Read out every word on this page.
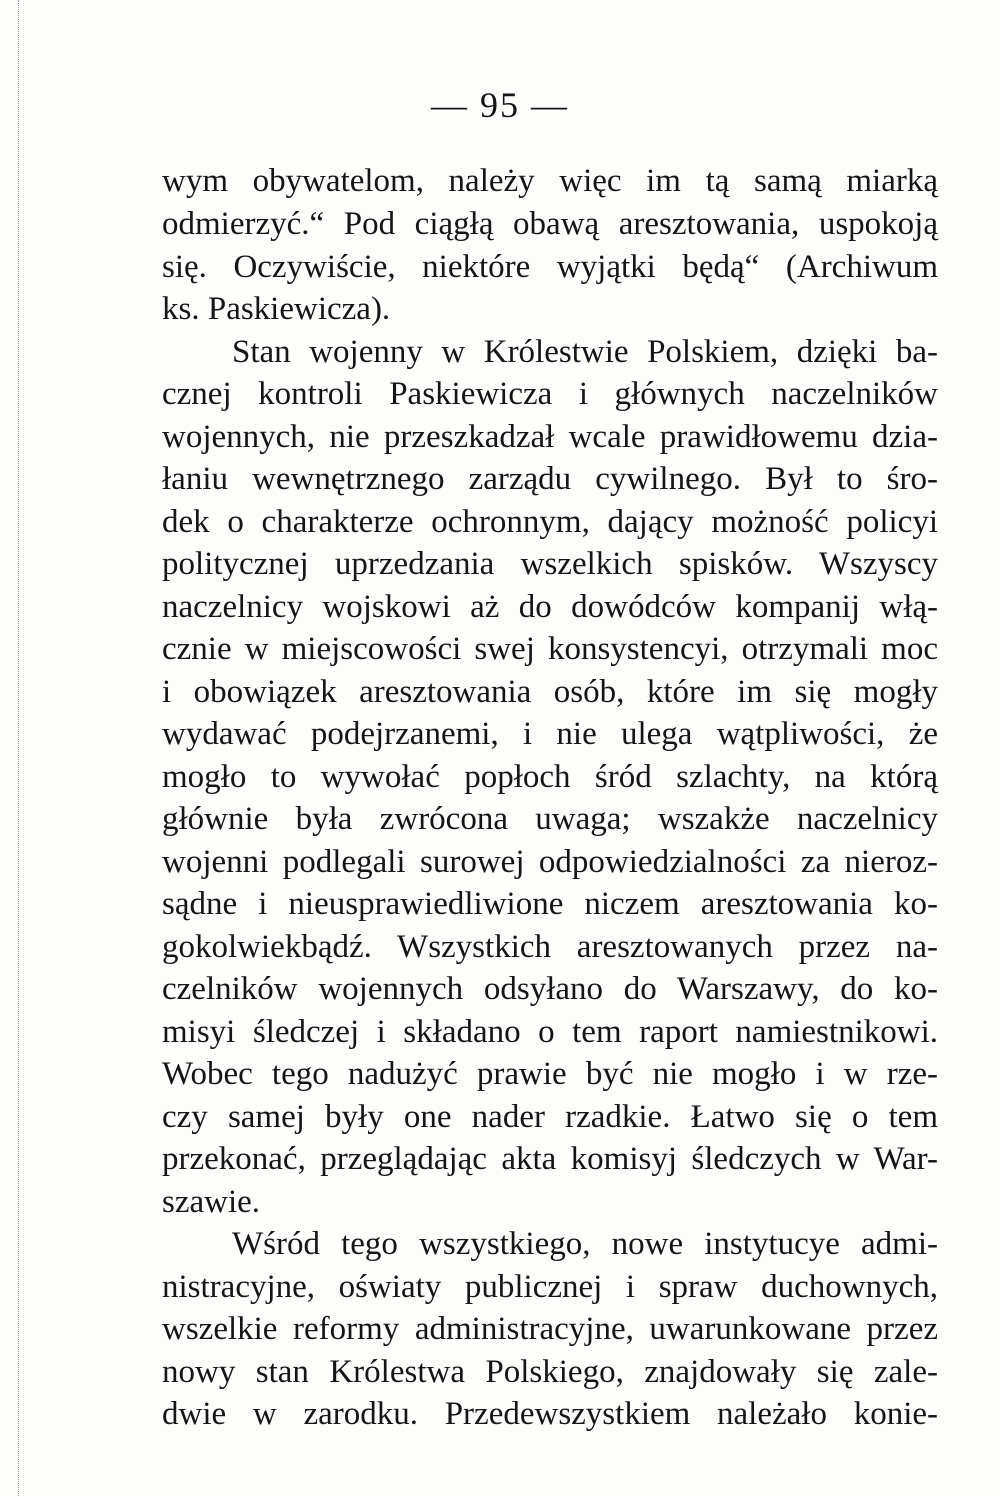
— 95 —
wym obywatelom, należy więc im tą samą miarką
odmierzyć.“ Pod ciągłą obawą aresztowania, uspokoją
się. Oczywiście, niektóre wyjątki będą“ (Archiwum
ks. Paskiewicza).
Stan wojenny w Królestwie Polskiem, dzięki ba-
cznej kontroli Paskiewicza i głównych naczelników
wojennych, nie przeszkadzał wcale prawidłowemu dzia-
łaniu wewnętrznego zarządu cywilnego. Był to śro-
dek o charakterze ochronnym, dający możność policyi
politycznej uprzedzania wszelkich spisków. Wszyscy
naczelnicy wojskowi aż do dowódców kompanij włą-
cznie w miejscowości swej konsystencyi, otrzymali moc
i obowiązek aresztowania osób, które im się mogły
wydawać podejrzanemi, i nie ulega wątpliwości, że
mogło to wywołać popłoch śród szlachty, na którą
głównie była zwrócona uwaga; wszakże naczelnicy
wojenni podlegali surowej odpowiedzialności za nieroz-
sądne i nieusprawiedliwione niczem aresztowania ko-
gokolwiekbądź. Wszystkich aresztowanych przez na-
czelników wojennych odsyłano do Warszawy, do ko-
misyi śledczej i składano o tem raport namiestnikowi.
Wobec tego nadużyć prawie być nie mogło i w rze-
czy samej były one nader rzadkie. Łatwo się o tem
przekonać, przeglądając akta komisyj śledczych w War-
szawie.
Wśród tego wszystkiego, nowe instytucye admi-
nistracyjne, oświaty publicznej i spraw duchownych,
wszelkie reformy administracyjne, uwarunkowane przez
nowy stan Królestwa Polskiego, znajdowały się zale-
dwie w zarodku. Przedewszystkiem należało konie-
